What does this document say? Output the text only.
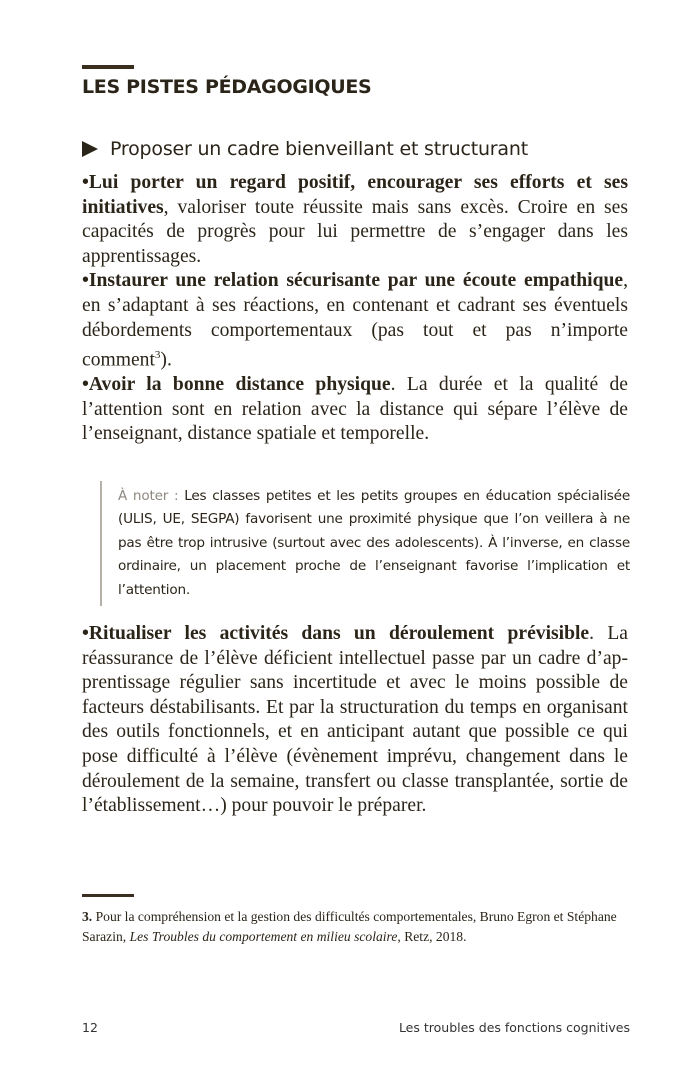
LES PISTES PÉDAGOGIQUES
Proposer un cadre bienveillant et structurant

•Lui porter un regard positif, encourager ses efforts et ses initiatives, valoriser toute réussite mais sans excès. Croire en ses capacités de progrès pour lui permettre de s’engager dans les apprentissages.

•Instaurer une relation sécurisante par une écoute empathique, en s’adaptant à ses réactions, en contenant et cadrant ses éventuels débordements comportementaux (pas tout et pas n’importe comment$^3$).

•Avoir la bonne distance physique. La durée et la qualité de l’attention sont en relation avec la distance qui sépare l’élève de l’enseignant, distance spatiale et temporelle.

À noter : Les classes petites et les petits groupes en éducation spécialisée (ULIS, UE, SEGPA) favorisent une proximité physique que l’on veillera à ne pas être trop intrusive (surtout avec des adolescents). À l’inverse, en classe ordinaire, un placement proche de l’enseignant favorise l’implication et l’attention.

•Ritualiser les activités dans un déroulement prévisible. La réassurance de l’élève déficient intellectuel passe par un cadre d’apprentissage régulier sans incertitude et avec le moins possible de facteurs déstabilisants. Et par la structuration du temps en organisant des outils fonctionnels, et en anticipant autant que possible ce qui pose difficulté à l’élève (évènement imprévu, changement dans le déroulement de la semaine, transfert ou classe transplantée, sortie de l’établissement…) pour pouvoir le préparer.

3. Pour la compréhension et la gestion des difficultés comportementales, Bruno Egron et Stéphane Sarazin, Les Troubles du comportement en milieu scolaire, Retz, 2018.
12	Les troubles des fonctions cognitives
